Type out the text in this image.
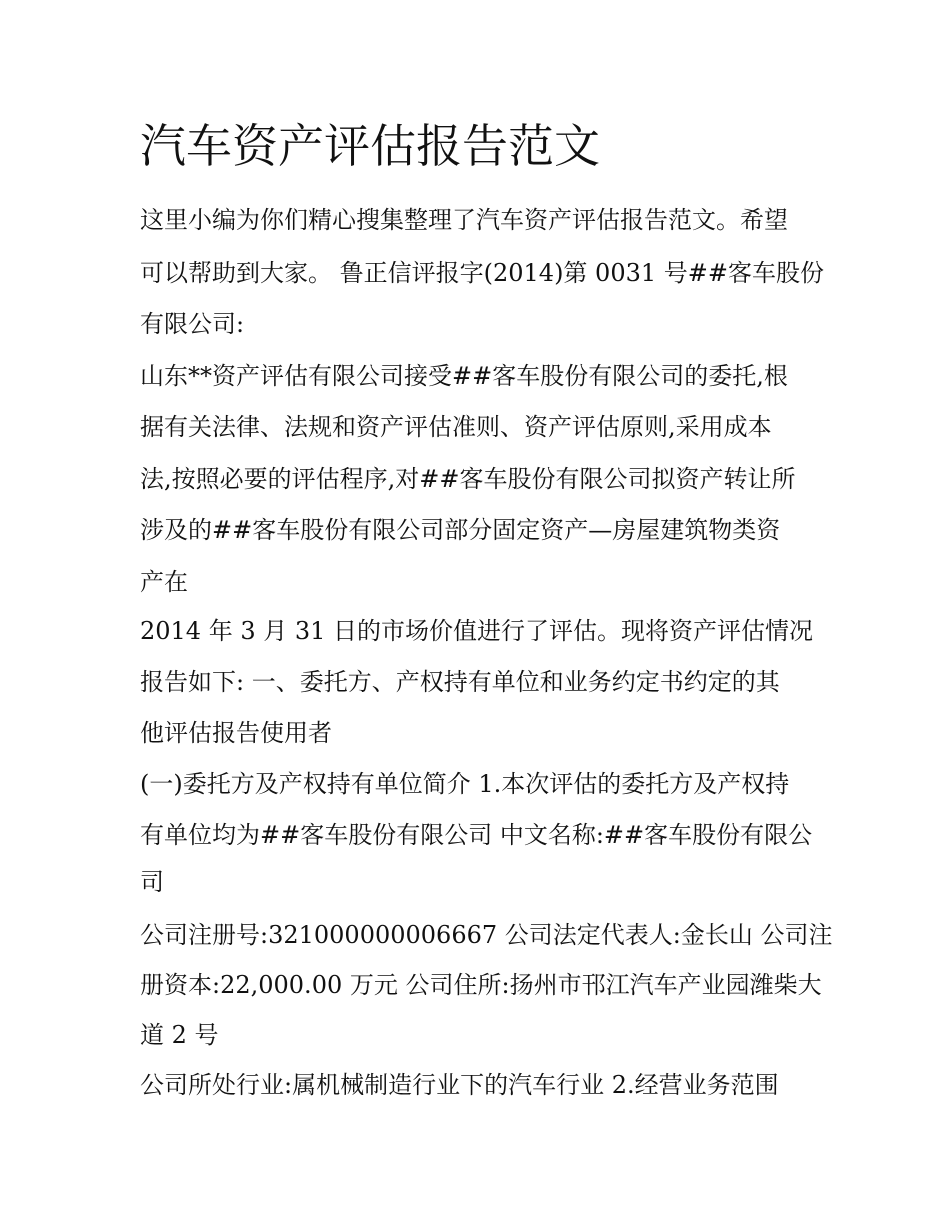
汽车资产评估报告范文

这里小编为你们精心搜集整理了汽车资产评估报告范文。希望

可以帮助到大家。 鲁正信评报字(2014)第 0031 号##客车股份

有限公司:

山东**资产评估有限公司接受##客车股份有限公司的委托,根

据有关法律、法规和资产评估准则、资产评估原则,采用成本

法,按照必要的评估程序,对##客车股份有限公司拟资产转让所

涉及的##客车股份有限公司部分固定资产—房屋建筑物类资

产在

2014 年 3 月 31 日的市场价值进行了评估。现将资产评估情况

报告如下: 一、委托方、产权持有单位和业务约定书约定的其

他评估报告使用者

(一)委托方及产权持有单位简介 1.本次评估的委托方及产权持

有单位均为##客车股份有限公司 中文名称:##客车股份有限公

司

公司注册号:321000000006667 公司法定代表人:金长山 公司注

册资本:22,000.00 万元 公司住所:扬州市邗江汽车产业园潍柴大

道 2 号

公司所处行业:属机械制造行业下的汽车行业 2.经营业务范围
